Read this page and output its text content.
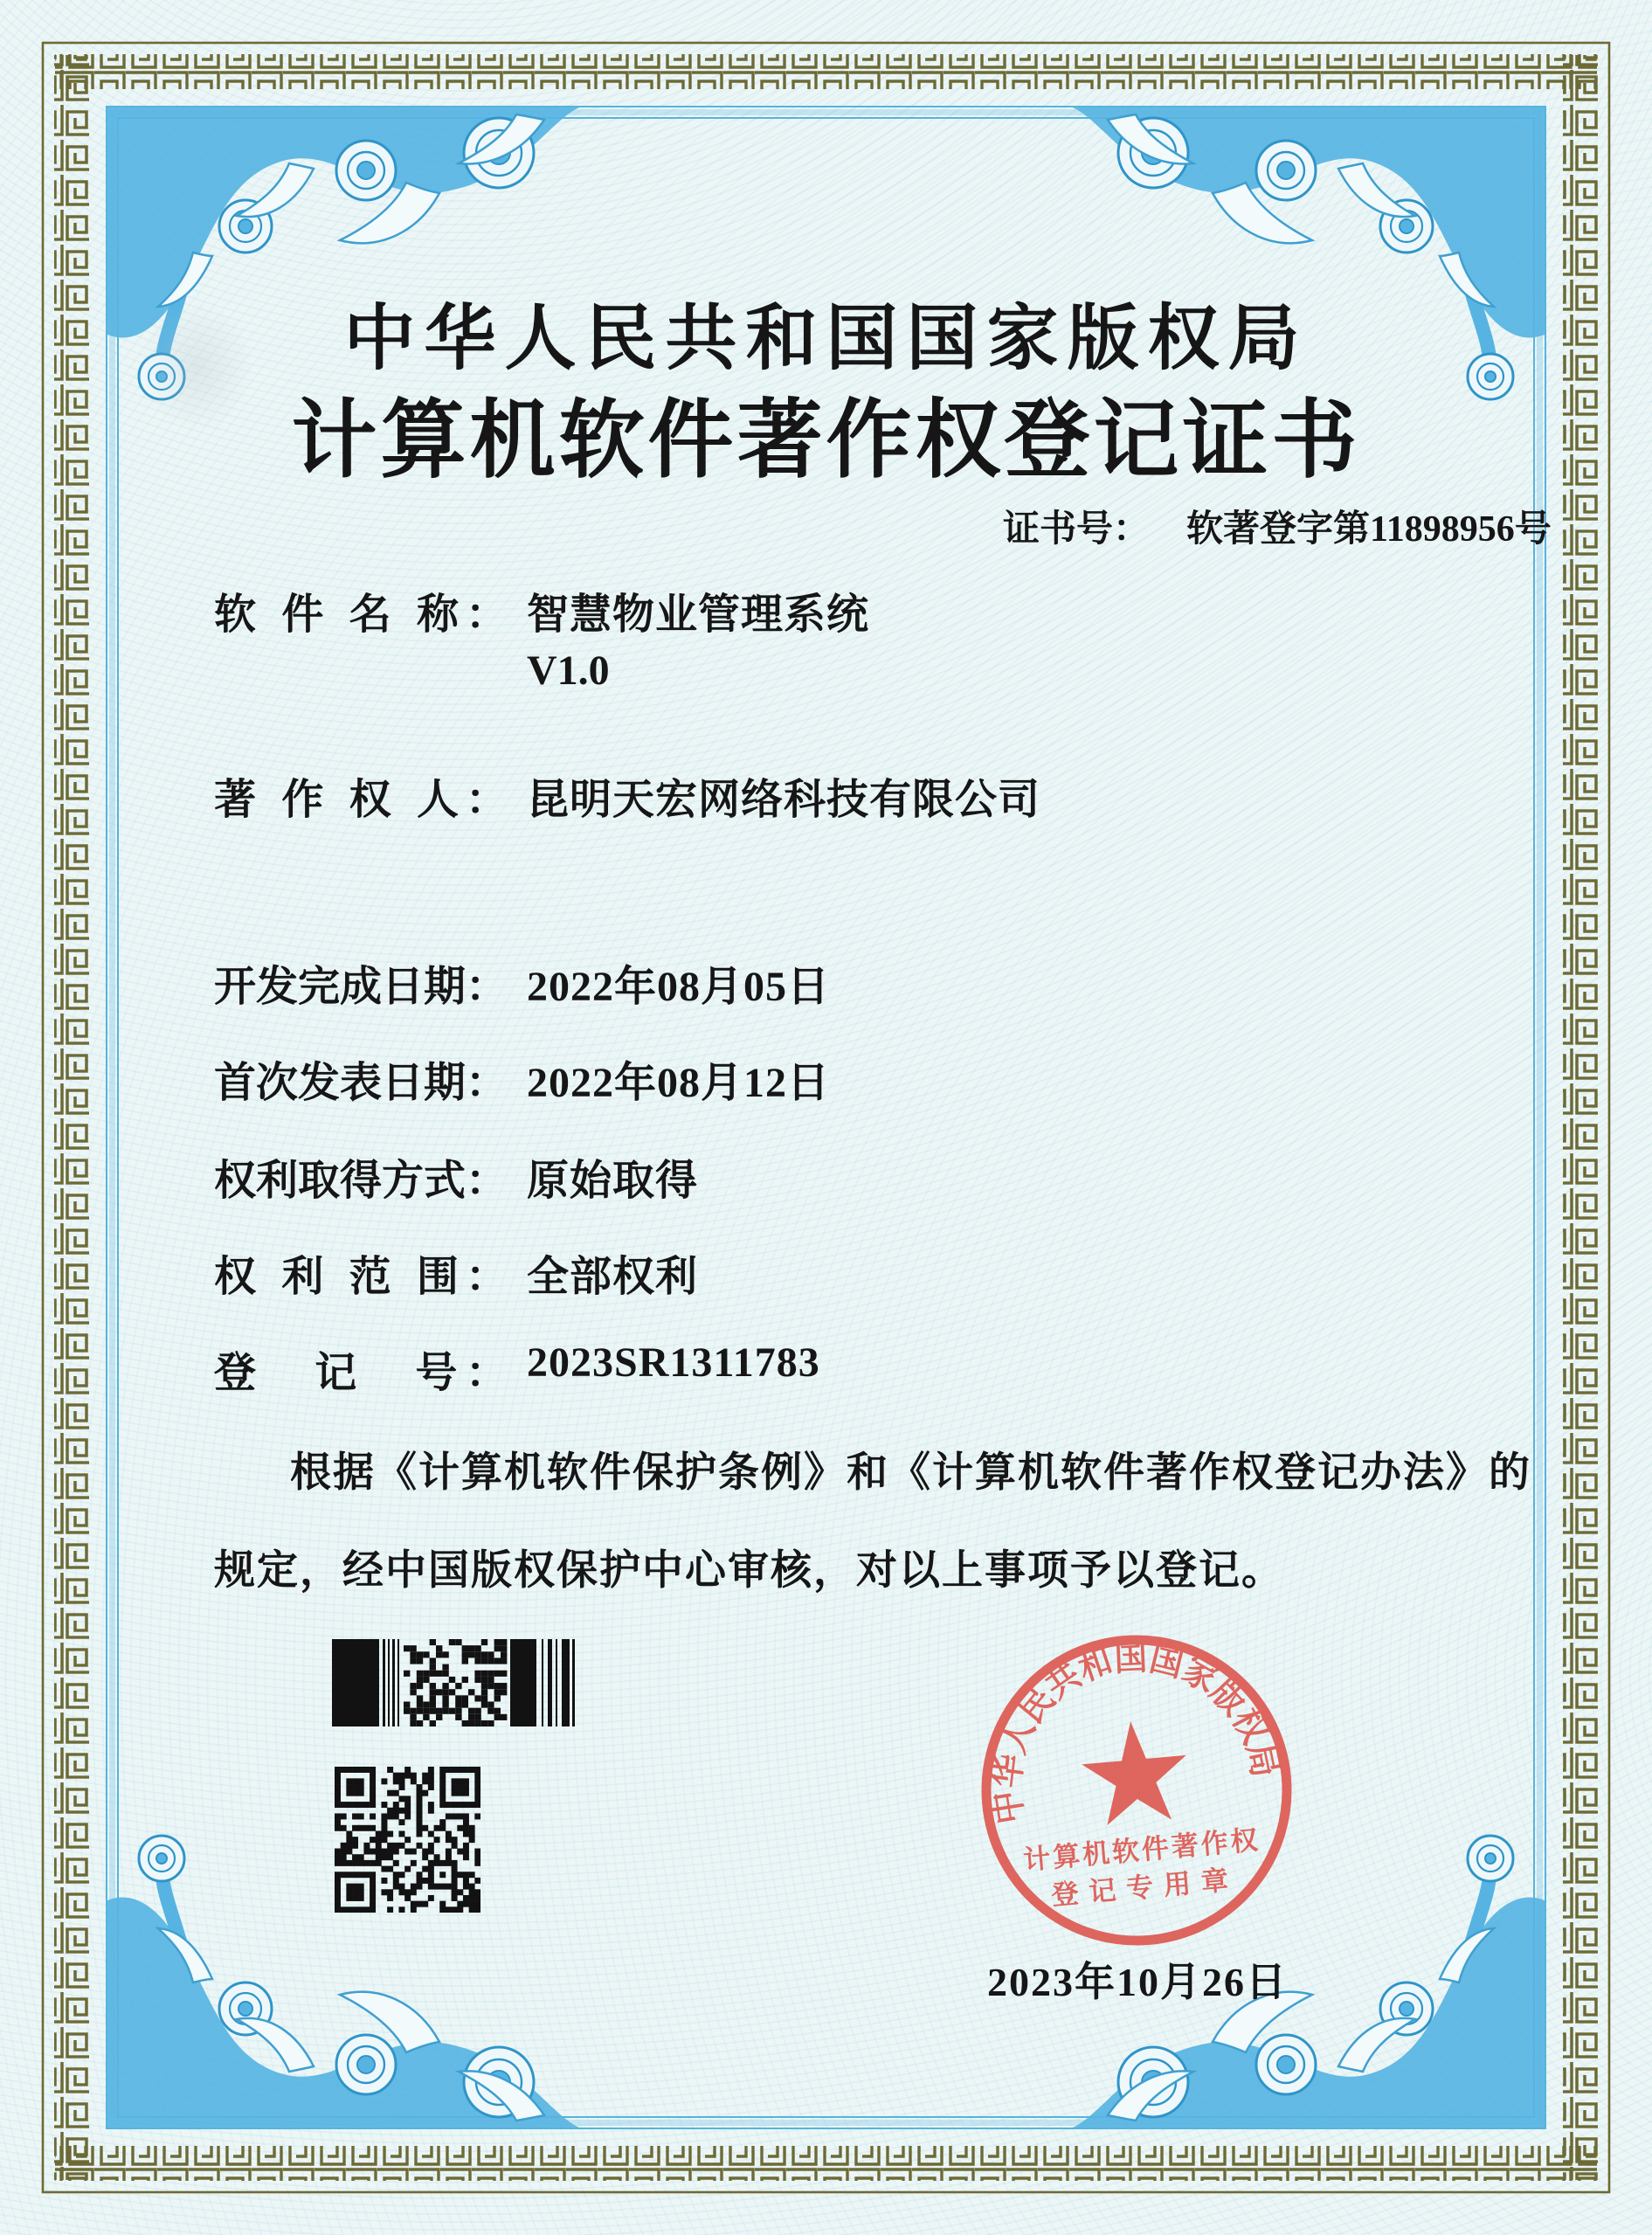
中华人民共和国国家版权局
计算机软件著作权登记证书
证书号： 软著登字第11898956号
软 件 名 称： 智慧物业管理系统
V1.0
著 作 权 人： 昆明天宏网络科技有限公司
开发完成日期： 2022年08月05日
首次发表日期： 2022年08月12日
权利取得方式： 原始取得
权 利 范 围： 全部权利
登　记　号： 2023SR1311783
根据《计算机软件保护条例》和《计算机软件著作权登记办法》的
规定，经中国版权保护中心审核，对以上事项予以登记。
中华人民共和国国家版权局
计算机软件著作权
登记专用章
2023年10月26日
